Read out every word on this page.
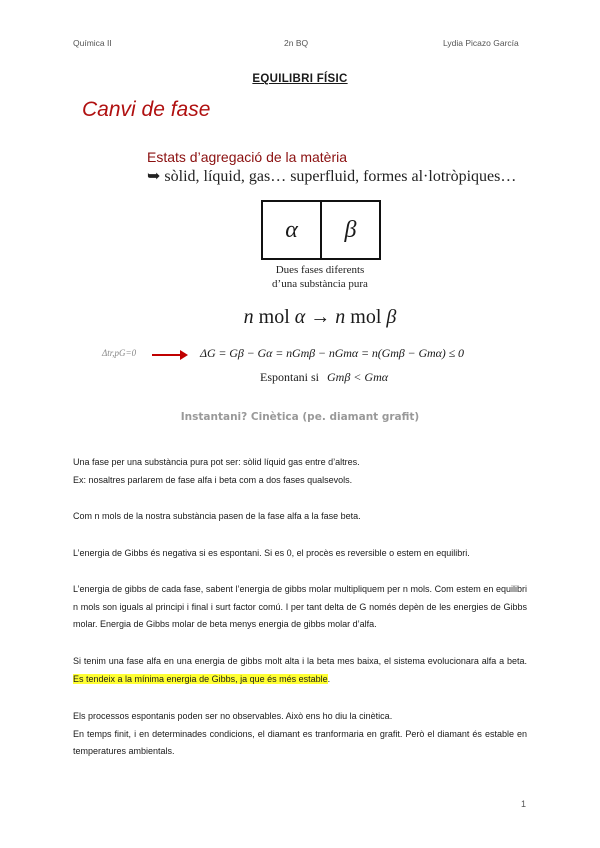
Química II	2n BQ	Lydia Picazo García
EQUILIBRI FÍSIC
Canvi de fase
Estats d’agregació de la matèria
➥ sòlid, líquid, gas… superfluid, formes al·lotròpiques…
α	β
Dues fases diferents
d’una substància pura
n mol α → n mol β
Δtr,pG=0	ΔG = Gβ − Gα = nGmβ − nGmα = n(Gmβ − Gmα) ≤ 0
Espontani si Gmβ < Gmα
Instantani? Cinètica (pe. diamant grafit)

Una fase per una substància pura pot ser: sòlid líquid gas entre d’altres.

Ex: nosaltres parlarem de fase alfa i beta com a dos fases qualsevols.

Com n mols de la nostra substància pasen de la fase alfa a la fase beta.

L’energia de Gibbs és negativa si es espontani. Si es 0, el procès es reversible o estem en equilibri.

L’energia de gibbs de cada fase, sabent l’energia de gibbs molar multipliquem per n mols. Com estem en equilibri n mols son iguals al principi i final i surt factor comú. I per tant delta de G només depèn de les energies de Gibbs molar. Energia de Gibbs molar de beta menys energia de gibbs molar d’alfa.

Si tenim una fase alfa en una energia de gibbs molt alta i la beta mes baixa, el sistema evolucionara alfa a beta. Es tendeix a la mínima energia de Gibbs, ja que és més estable.

Els processos espontanis poden ser no observables. Això ens ho diu la cinètica.

En temps finit, i en determinades condicions, el diamant es tranformaria en grafit. Però el diamant és estable en temperatures ambientals.

1
